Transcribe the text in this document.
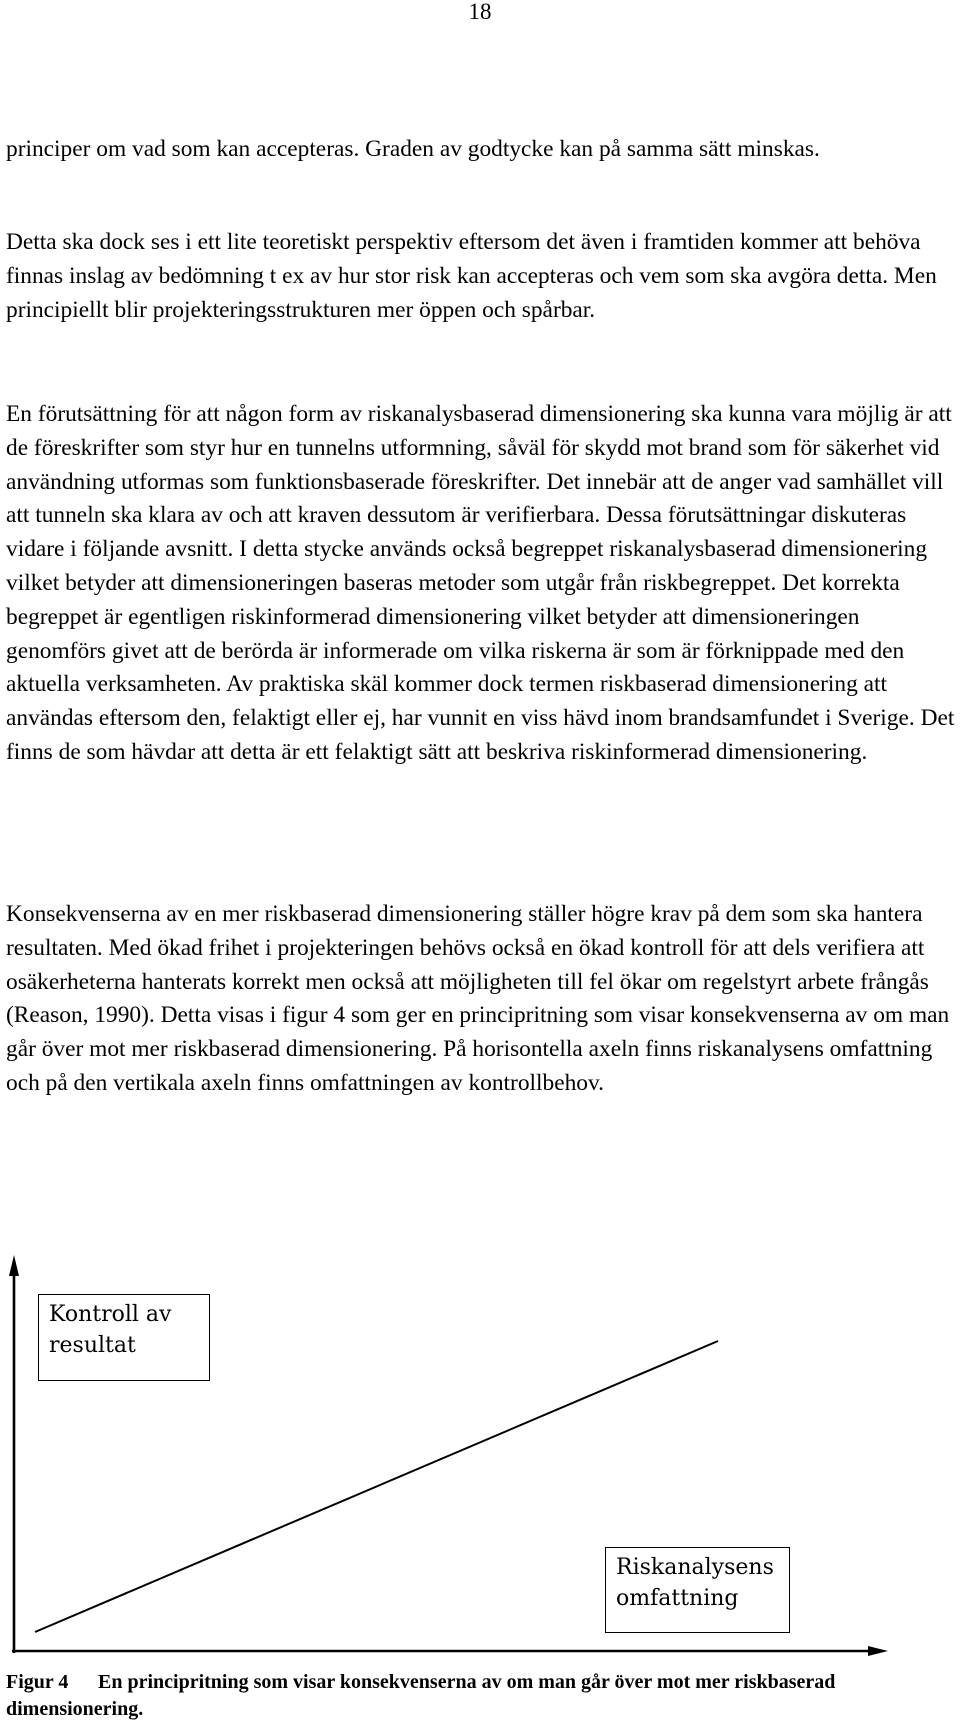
18

principer om vad som kan accepteras. Graden av godtycke kan på samma sätt minskas.

Detta ska dock ses i ett lite teoretiskt perspektiv eftersom det även i framtiden kommer att behöva finnas inslag av bedömning t ex av hur stor risk kan accepteras och vem som ska avgöra detta. Men principiellt blir projekteringsstrukturen mer öppen och spårbar.

En förutsättning för att någon form av riskanalysbaserad dimensionering ska kunna vara möjlig är att de föreskrifter som styr hur en tunnelns utformning, såväl för skydd mot brand som för säkerhet vid användning utformas som funktionsbaserade föreskrifter. Det innebär att de anger vad samhället vill att tunneln ska klara av och att kraven dessutom är verifierbara. Dessa förutsättningar diskuteras vidare i följande avsnitt. I detta stycke används också begreppet riskanalysbaserad dimensionering vilket betyder att dimensioneringen baseras metoder som utgår från riskbegreppet. Det korrekta begreppet är egentligen riskinformerad dimensionering vilket betyder att dimensioneringen genomförs givet att de berörda är informerade om vilka riskerna är som är förknippade med den aktuella verksamheten. Av praktiska skäl kommer dock termen riskbaserad dimensionering att användas eftersom den, felaktigt eller ej, har vunnit en viss hävd inom brandsamfundet i Sverige. Det finns de som hävdar att detta är ett felaktigt sätt att beskriva riskinformerad dimensionering.

Konsekvenserna av en mer riskbaserad dimensionering ställer högre krav på dem som ska hantera resultaten. Med ökad frihet i projekteringen behövs också en ökad kontroll för att dels verifiera att osäkerheterna hanterats korrekt men också att möjligheten till fel ökar om regelstyrt arbete frångås (Reason, 1990). Detta visas i figur 4 som ger en principritning som visar konsekvenserna av om man går över mot mer riskbaserad dimensionering. På horisontella axeln finns riskanalysens omfattning och på den vertikala axeln finns omfattningen av kontrollbehov.

Kontroll av
resultat
Riskanalysens
omfattning
Figur 4 En principritning som visar konsekvenserna av om man går över mot mer riskbaserad dimensionering.
